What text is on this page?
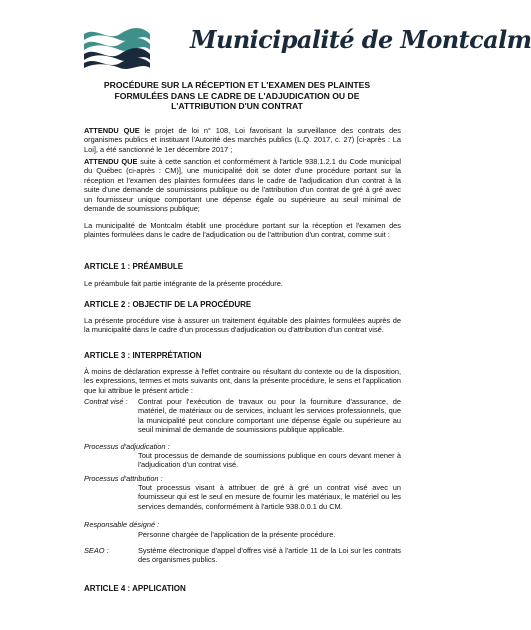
Municipalité de Montcalm
PROCÉDURE SUR LA RÉCEPTION ET L'EXAMEN DES PLAINTES
FORMULÉES DANS LE CADRE DE L'ADJUDICATION OU DE
L'ATTRIBUTION D'UN CONTRAT
ATTENDU QUE le projet de loi n° 108, Loi favorisant la surveillance des contrats des organismes publics et instituant l'Autorité des marchés publics (L.Q. 2017, c. 27) [ci-après : La Loi], a été sanctionné le 1er décembre 2017 ;
ATTENDU QUE suite à cette sanction et conformément à l'article 938.1.2.1 du Code municipal du Québec (ci-après : CM)], une municipalité doit se doter d'une procédure portant sur la réception et l'examen des plaintes formulées dans le cadre de l'adjudication d'un contrat à la suite d'une demande de soumissions publique ou de l'attribution d'un contrat de gré à gré avec un fournisseur unique comportant une dépense égale ou supérieure au seuil minimal de demande de soumissions publique;
La municipalité de Montcalm établit une procédure portant sur la réception et l'examen des plaintes formulées dans le cadre de l'adjudication ou de l'attribution d'un contrat, comme suit :
ARTICLE 1 : PRÉAMBULE
Le préambule fait partie intégrante de la présente procédure.
ARTICLE 2 : OBJECTIF DE LA PROCÉDURE
La présente procédure vise à assurer un traitement équitable des plaintes formulées auprès de la municipalité dans le cadre d'un processus d'adjudication ou d'attribution d'un contrat visé.
ARTICLE 3 : INTERPRÉTATION
À moins de déclaration expresse à l'effet contraire ou résultant du contexte ou de la disposition, les expressions, termes et mots suivants ont, dans la présente procédure, le sens et l'application que lui attribue le présent article :
Contrat visé : Contrat pour l'exécution de travaux ou pour la fourniture d'assurance, de matériel, de matériaux ou de services, incluant les services professionnels, que la municipalité peut conclure comportant une dépense égale ou supérieure au seuil minimal de demande de soumissions publique applicable.
Processus d'adjudication :
Tout processus de demande de soumissions publique en cours devant mener à l'adjudication d'un contrat visé.
Processus d'attribution :
Tout processus visant à attribuer de gré à gré un contrat visé avec un fournisseur qui est le seul en mesure de fournir les matériaux, le matériel ou les services demandés, conformément à l'article 938.0.0.1 du CM.
Responsable désigné :
Personne chargée de l'application de la présente procédure.
SEAO :	Système électronique d'appel d'offres visé à l'article 11 de la Loi sur les contrats des organismes publics.
ARTICLE 4 : APPLICATION
